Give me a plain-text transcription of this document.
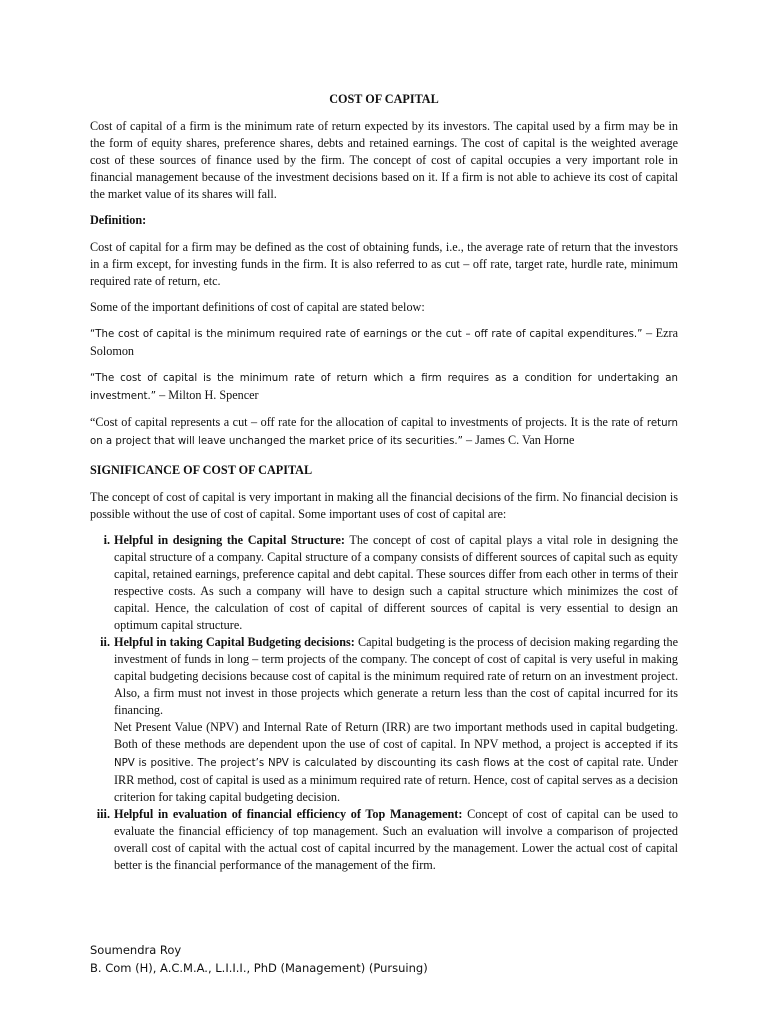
COST OF CAPITAL

Cost of capital of a firm is the minimum rate of return expected by its investors. The capital used by a firm may be in the form of equity shares, preference shares, debts and retained earnings. The cost of capital is the weighted average cost of these sources of finance used by the firm. The concept of cost of capital occupies a very important role in financial management because of the investment decisions based on it. If a firm is not able to achieve its cost of capital the market value of its shares will fall.

Definition:

Cost of capital for a firm may be defined as the cost of obtaining funds, i.e., the average rate of return that the investors in a firm except, for investing funds in the firm. It is also referred to as cut – off rate, target rate, hurdle rate, minimum required rate of return, etc.

Some of the important definitions of cost of capital are stated below:

“The cost of capital is the minimum required rate of earnings or the cut – off rate of capital expenditures.” – Ezra Solomon

“The cost of capital is the minimum rate of return which a firm requires as a condition for undertaking an investment.” – Milton H. Spencer

“Cost of capital represents a cut – off rate for the allocation of capital to investments of projects. It is the rate of return on a project that will leave unchanged the market price of its securities.” – James C. Van Horne

SIGNIFICANCE OF COST OF CAPITAL

The concept of cost of capital is very important in making all the financial decisions of the firm. No financial decision is possible without the use of cost of capital. Some important uses of cost of capital are:

i. Helpful in designing the Capital Structure: The concept of cost of capital plays a vital role in designing the capital structure of a company. Capital structure of a company consists of different sources of capital such as equity capital, retained earnings, preference capital and debt capital. These sources differ from each other in terms of their respective costs. As such a company will have to design such a capital structure which minimizes the cost of capital. Hence, the calculation of cost of capital of different sources of capital is very essential to design an optimum capital structure.
ii. Helpful in taking Capital Budgeting decisions: Capital budgeting is the process of decision making regarding the investment of funds in long – term projects of the company. The concept of cost of capital is very useful in making capital budgeting decisions because cost of capital is the minimum required rate of return on an investment project. Also, a firm must not invest in those projects which generate a return less than the cost of capital incurred for its financing.
Net Present Value (NPV) and Internal Rate of Return (IRR) are two important methods used in capital budgeting. Both of these methods are dependent upon the use of cost of capital. In NPV method, a project is accepted if its NPV is positive. The project’s NPV is calculated by discounting its cash flows at the cost of capital rate. Under IRR method, cost of capital is used as a minimum required rate of return. Hence, cost of capital serves as a decision criterion for taking capital budgeting decision.
iii. Helpful in evaluation of financial efficiency of Top Management: Concept of cost of capital can be used to evaluate the financial efficiency of top management. Such an evaluation will involve a comparison of projected overall cost of capital with the actual cost of capital incurred by the management. Lower the actual cost of capital better is the financial performance of the management of the firm.
Soumendra Roy
B. Com (H), A.C.M.A., L.I.I.I., PhD (Management) (Pursuing)
